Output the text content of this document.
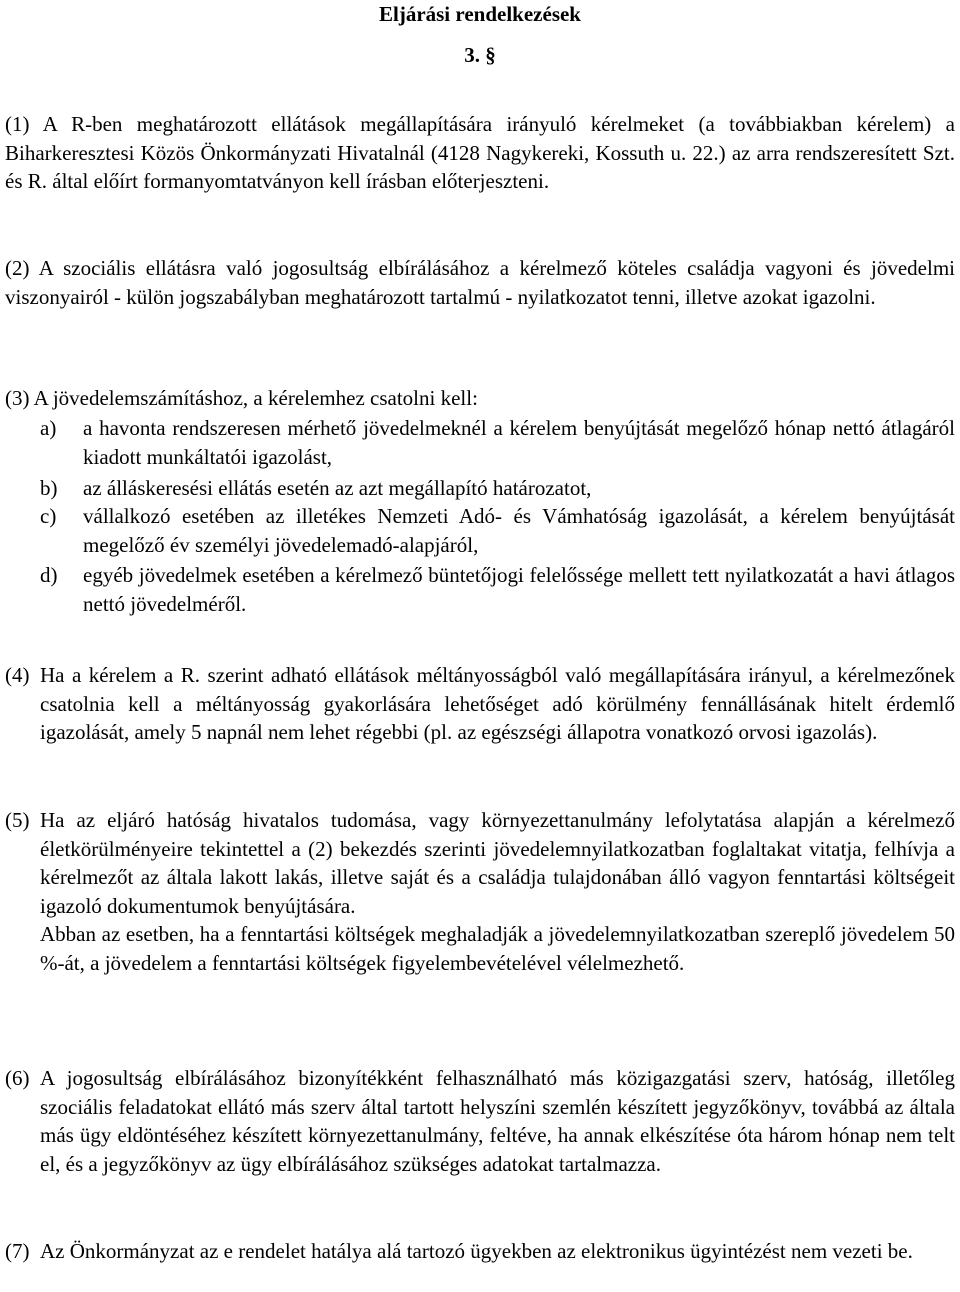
Eljárási rendelkezések
3. §

(1) A R-ben meghatározott ellátások megállapítására irányuló kérelmeket (a továbbiakban kérelem) a Biharkeresztesi Közös Önkormányzati Hivatalnál (4128 Nagykereki, Kossuth u. 22.) az arra rendszeresített Szt. és R. által előírt formanyomtatványon kell írásban előterjeszteni.

(2) A szociális ellátásra való jogosultság elbírálásához a kérelmező köteles családja vagyoni és jövedelmi viszonyairól - külön jogszabályban meghatározott tartalmú - nyilatkozatot tenni, illetve azokat igazolni.

(3) A jövedelemszámításhoz, a kérelemhez csatolni kell:

a) a havonta rendszeresen mérhető jövedelmeknél a kérelem benyújtását megelőző hónap nettó átlagáról kiadott munkáltatói igazolást,
b) az álláskeresési ellátás esetén az azt megállapító határozatot,
c) vállalkozó esetében az illetékes Nemzeti Adó- és Vámhatóság igazolását, a kérelem benyújtását megelőző év személyi jövedelemadó-alapjáról,
d) egyéb jövedelmek esetében a kérelmező büntetőjogi felelőssége mellett tett nyilatkozatát a havi átlagos nettó jövedelméről.
(4) Ha a kérelem a R. szerint adható ellátások méltányosságból való megállapítására irányul, a kérelmezőnek csatolnia kell a méltányosság gyakorlására lehetőséget adó körülmény fennállásának hitelt érdemlő igazolását, amely 5 napnál nem lehet régebbi (pl. az egészségi állapotra vonatkozó orvosi igazolás).
(5) Ha az eljáró hatóság hivatalos tudomása, vagy környezettanulmány lefolytatása alapján a kérelmező életkörülményeire tekintettel a (2) bekezdés szerinti jövedelemnyilatkozatban foglaltakat vitatja, felhívja a kérelmezőt az általa lakott lakás, illetve saját és a családja tulajdonában álló vagyon fenntartási költségeit igazoló dokumentumok benyújtására.
Abban az esetben, ha a fenntartási költségek meghaladják a jövedelemnyilatkozatban szereplő jövedelem 50 %-át, a jövedelem a fenntartási költségek figyelembevételével vélelmezhető.
(6) A jogosultság elbírálásához bizonyítékként felhasználható más közigazgatási szerv, hatóság, illetőleg szociális feladatokat ellátó más szerv által tartott helyszíni szemlén készített jegyzőkönyv, továbbá az általa más ügy eldöntéséhez készített környezettanulmány, feltéve, ha annak elkészítése óta három hónap nem telt el, és a jegyzőkönyv az ügy elbírálásához szükséges adatokat tartalmazza.
(7) Az Önkormányzat az e rendelet hatálya alá tartozó ügyekben az elektronikus ügyintézést nem vezeti be.
